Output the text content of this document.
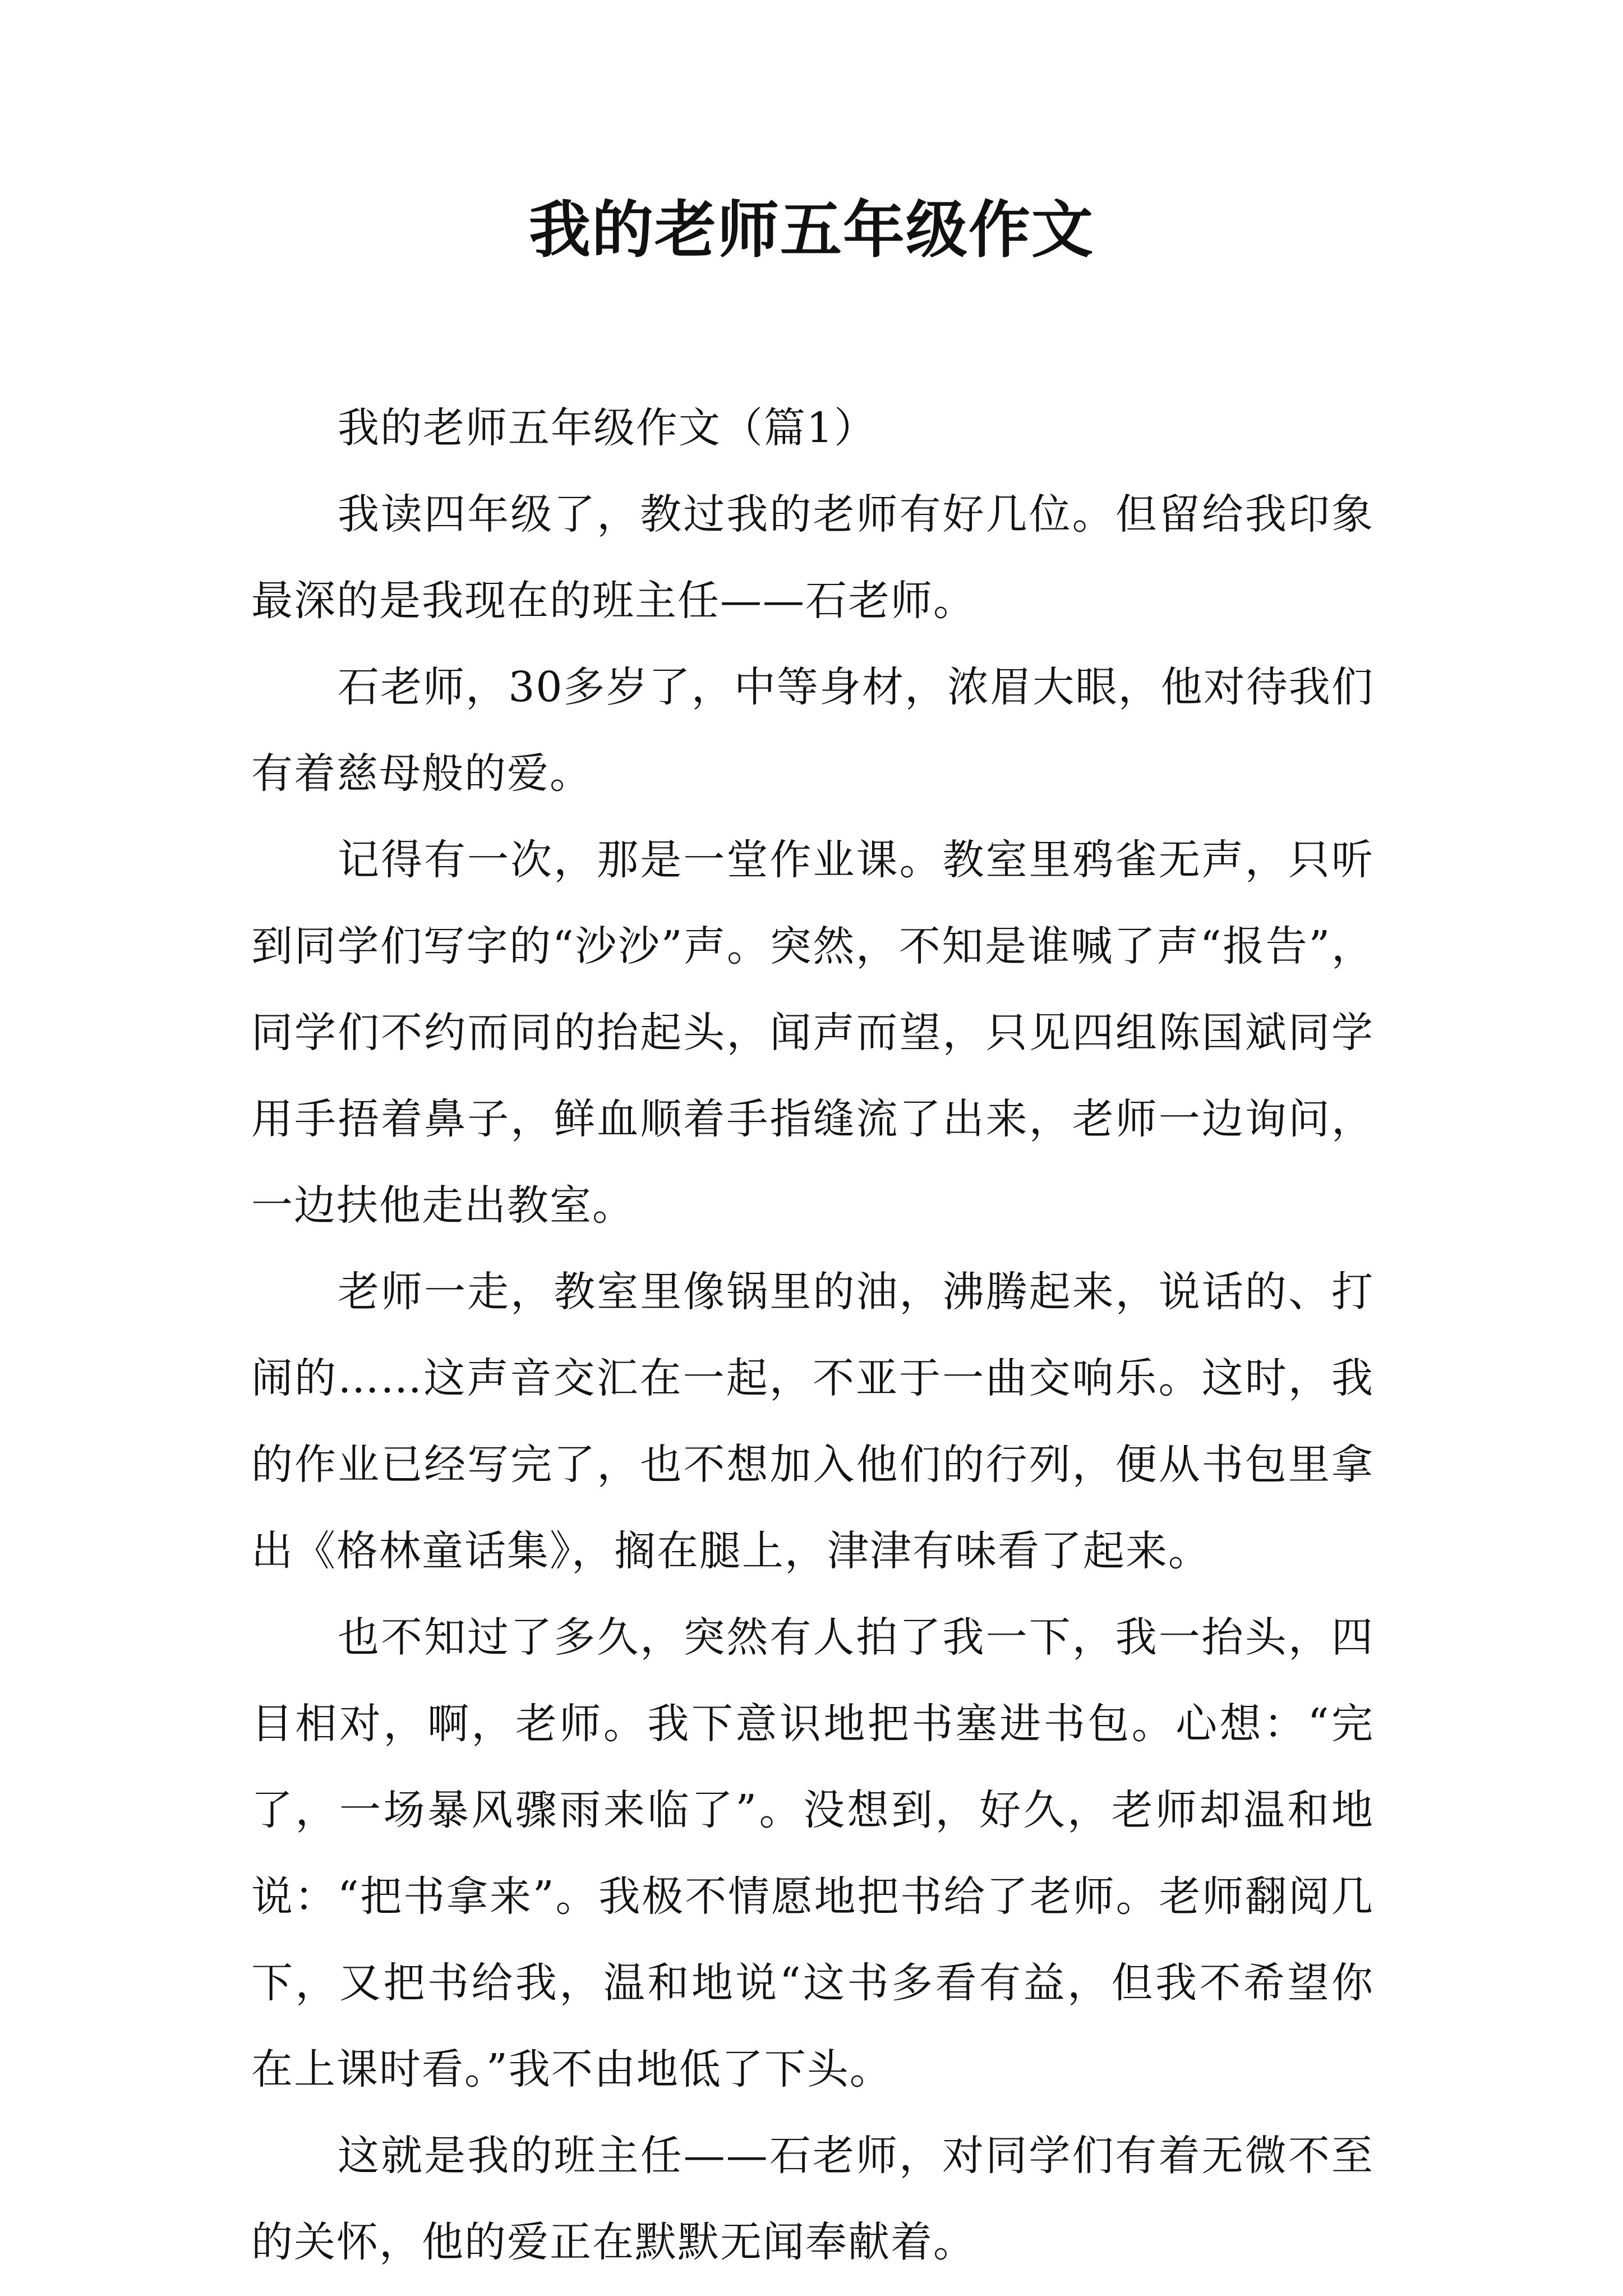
我的老师五年级作文

我的老师五年级作文（篇1）

我读四年级了，教过我的老师有好几位。但留给我印象最深的是我现在的班主任——石老师。

石老师，30多岁了，中等身材，浓眉大眼，他对待我们有着慈母般的爱。

记得有一次，那是一堂作业课。教室里鸦雀无声，只听到同学们写字的“沙沙”声。突然，不知是谁喊了声“报告”，同学们不约而同的抬起头，闻声而望，只见四组陈国斌同学用手捂着鼻子，鲜血顺着手指缝流了出来，老师一边询问，一边扶他走出教室。

老师一走，教室里像锅里的油，沸腾起来，说话的、打闹的……这声音交汇在一起，不亚于一曲交响乐。这时，我的作业已经写完了，也不想加入他们的行列，便从书包里拿出《格林童话集》，搁在腿上，津津有味看了起来。

也不知过了多久，突然有人拍了我一下，我一抬头，四目相对，啊，老师。我下意识地把书塞进书包。心想：“完了，一场暴风骤雨来临了”。没想到，好久，老师却温和地说：“把书拿来”。我极不情愿地把书给了老师。老师翻阅几下，又把书给我，温和地说“这书多看有益，但我不希望你在上课时看。”我不由地低了下头。

这就是我的班主任——石老师，对同学们有着无微不至的关怀，他的爱正在默默无闻奉献着。
